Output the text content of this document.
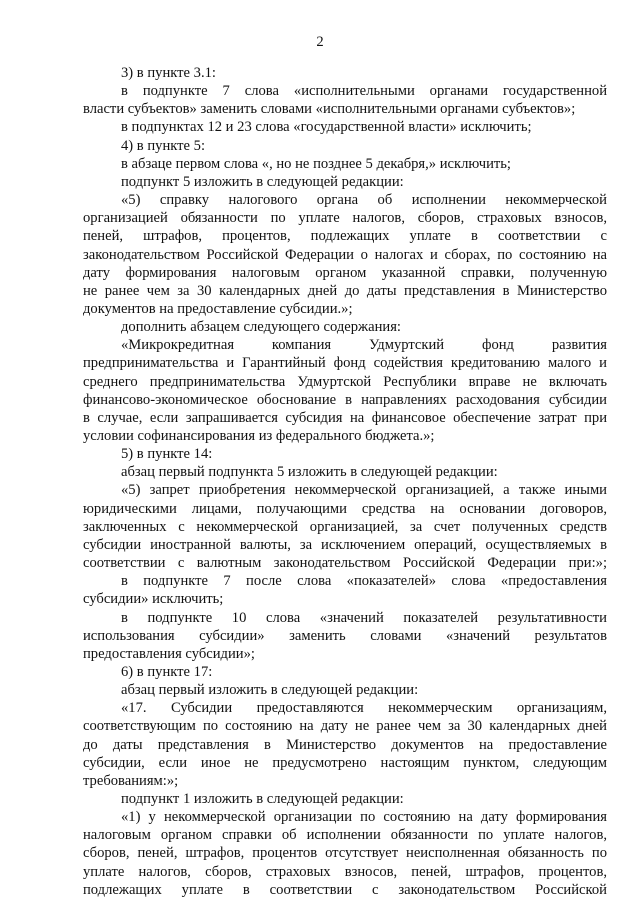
2
3) в пункте 3.1:
в подпункте 7 слова «исполнительными органами государственной
власти субъектов» заменить словами «исполнительными органами субъектов»;
в подпунктах 12 и 23 слова «государственной власти» исключить;
4) в пункте 5:
в абзаце первом слова «, но не позднее 5 декабря,» исключить;
подпункт 5 изложить в следующей редакции:
«5) справку налогового органа об исполнении некоммерческой
организацией обязанности по уплате налогов, сборов, страховых взносов,
пеней, штрафов, процентов, подлежащих уплате в соответствии с
законодательством Российской Федерации о налогах и сборах, по состоянию на
дату формирования налоговым органом указанной справки, полученную
не ранее чем за 30 календарных дней до даты представления в Министерство
документов на предоставление субсидии.»;
дополнить абзацем следующего содержания:
«Микрокредитная компания Удмуртский фонд развития
предпринимательства и Гарантийный фонд содействия кредитованию малого и
среднего предпринимательства Удмуртской Республики вправе не включать
финансово-экономическое обоснование в направлениях расходования субсидии
в случае, если запрашивается субсидия на финансовое обеспечение затрат при
условии софинансирования из федерального бюджета.»;
5) в пункте 14:
абзац первый подпункта 5 изложить в следующей редакции:
«5) запрет приобретения некоммерческой организацией, а также иными
юридическими лицами, получающими средства на основании договоров,
заключенных с некоммерческой организацией, за счет полученных средств
субсидии иностранной валюты, за исключением операций, осуществляемых в
соответствии с валютным законодательством Российской Федерации при:»;
в подпункте 7 после слова «показателей» слова «предоставления
субсидии» исключить;
в подпункте 10 слова «значений показателей результативности
использования субсидии» заменить словами «значений результатов
предоставления субсидии»;
6) в пункте 17:
абзац первый изложить в следующей редакции:
«17. Субсидии предоставляются некоммерческим организациям,
соответствующим по состоянию на дату не ранее чем за 30 календарных дней
до даты представления в Министерство документов на предоставление
субсидии, если иное не предусмотрено настоящим пунктом, следующим
требованиям:»;
подпункт 1 изложить в следующей редакции:
«1) у некоммерческой организации по состоянию на дату формирования
налоговым органом справки об исполнении обязанности по уплате налогов,
сборов, пеней, штрафов, процентов отсутствует неисполненная обязанность по
уплате налогов, сборов, страховых взносов, пеней, штрафов, процентов,
подлежащих уплате в соответствии с законодательством Российской
